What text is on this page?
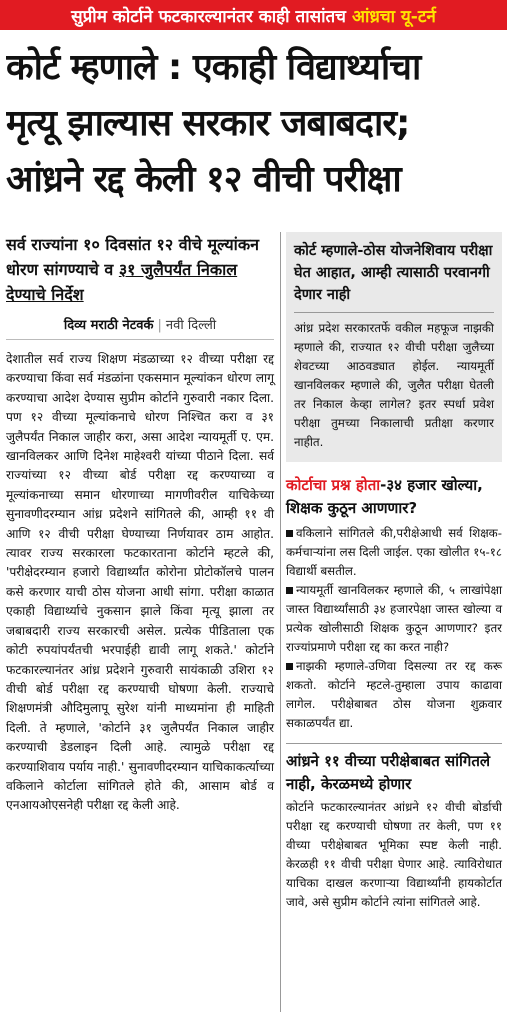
सुप्रीम कोर्टाने फटकारल्यानंतर काही तासांतच आंध्रचा यू-टर्न
कोर्ट म्हणाले : एकाही विद्यार्थ्याचा
मृत्यू झाल्यास सरकार जबाबदार;
आंध्रने रद्द केली १२ वीची परीक्षा
सर्व राज्यांना १० दिवसांत १२ वीचे मूल्यांकन धोरण सांगण्याचे व ३१ जुलैपर्यंत निकाल देण्याचे निर्देश
दिव्य मराठी नेटवर्क | नवी दिल्ली
देशातील सर्व राज्य शिक्षण मंडळाच्या १२ वीच्या परीक्षा रद्द करण्याचा किंवा सर्व मंडळांना एकसमान मूल्यांकन धोरण लागू करण्याचा आदेश देण्यास सुप्रीम कोर्टाने गुरुवारी नकार दिला. पण १२ वीच्या मूल्यांकनाचे धोरण निश्चित करा व ३१ जुलैपर्यंत निकाल जाहीर करा, असा आदेश न्यायमूर्ती ए. एम. खानविलकर आणि दिनेश माहेश्वरी यांच्या पीठाने दिला. सर्व राज्यांच्या १२ वीच्या बोर्ड परीक्षा रद्द करण्याच्या व मूल्यांकनाच्या समान धोरणाच्या मागणीवरील याचिकेच्या सुनावणीदरम्यान आंध्र प्रदेशने सांगितले की, आम्ही ११ वी आणि १२ वीची परीक्षा घेण्याच्या निर्णयावर ठाम आहोत. त्यावर राज्य सरकारला फटकारताना कोर्टाने म्हटले की, 'परीक्षेदरम्यान हजारो विद्यार्थ्यांत कोरोना प्रोटोकॉलचे पालन कसे करणार याची ठोस योजना आधी सांगा. परीक्षा काळात एकाही विद्यार्थ्याचे नुकसान झाले किंवा मृत्यू झाला तर जबाबदारी राज्य सरकारची असेल. प्रत्येक पीडिताला एक कोटी रुपयांपर्यंतची भरपाईही द्यावी लागू शकते.' कोर्टाने फटकारल्यानंतर आंध्र प्रदेशने गुरुवारी सायंकाळी उशिरा १२ वीची बोर्ड परीक्षा रद्द करण्याची घोषणा केली. राज्याचे शिक्षणमंत्री औदिमुलापू सुरेश यांनी माध्यमांना ही माहिती दिली. ते म्हणाले, 'कोर्टाने ३१ जुलैपर्यंत निकाल जाहीर करण्याची डेडलाइन दिली आहे. त्यामुळे परीक्षा रद्द करण्याशिवाय पर्याय नाही.' सुनावणीदरम्यान याचिकाकर्त्याच्या वकिलाने कोर्टाला सांगितले होते की, आसाम बोर्ड व एनआयओएसनेही परीक्षा रद्द केली आहे.
कोर्ट म्हणाले-ठोस योजनेशिवाय परीक्षा घेत आहात, आम्ही त्यासाठी परवानगी देणार नाही
आंध्र प्रदेश सरकारतर्फे वकील महफूज नाझकी म्हणाले की, राज्यात १२ वीची परीक्षा जुलैच्या शेवटच्या आठवड्यात होईल. न्यायमूर्ती खानविलकर म्हणाले की, जुलैत परीक्षा घेतली तर निकाल केव्हा लागेल? इतर स्पर्धा प्रवेश परीक्षा तुमच्या निकालाची प्रतीक्षा करणार नाहीत.
कोर्टाचा प्रश्न होता-३४ हजार खोल्या, शिक्षक कुठून आणणार?

वकिलाने सांगितले की,परीक्षेआधी सर्व शिक्षक-कर्मचाऱ्यांना लस दिली जाईल. एका खोलीत १५-१८ विद्यार्थी बसतील.

न्यायमूर्ती खानविलकर म्हणाले की, ५ लाखांपेक्षा जास्त विद्यार्थ्यांसाठी ३४ हजारपेक्षा जास्त खोल्या व प्रत्येक खोलीसाठी शिक्षक कुठून आणणार? इतर राज्यांप्रमाणे परीक्षा रद्द का करत नाही?

नाझकी म्हणाले-उणिवा दिसल्या तर रद्द करू शकतो. कोर्टाने म्हटले-तुम्हाला उपाय काढावा लागेल. परीक्षेबाबत ठोस योजना शुक्रवार सकाळपर्यंत द्या.

आंध्रने ११ वीच्या परीक्षेबाबत सांगितले नाही, केरळमध्ये होणार
कोर्टाने फटकारल्यानंतर आंध्रने १२ वीची बोर्डाची परीक्षा रद्द करण्याची घोषणा तर केली, पण ११ वीच्या परीक्षेबाबत भूमिका स्पष्ट केली नाही. केरळही ११ वीची परीक्षा घेणार आहे. त्याविरोधात याचिका दाखल करणाऱ्या विद्यार्थ्यांनी हायकोर्टात जावे, असे सुप्रीम कोर्टाने त्यांना सांगितले आहे.
